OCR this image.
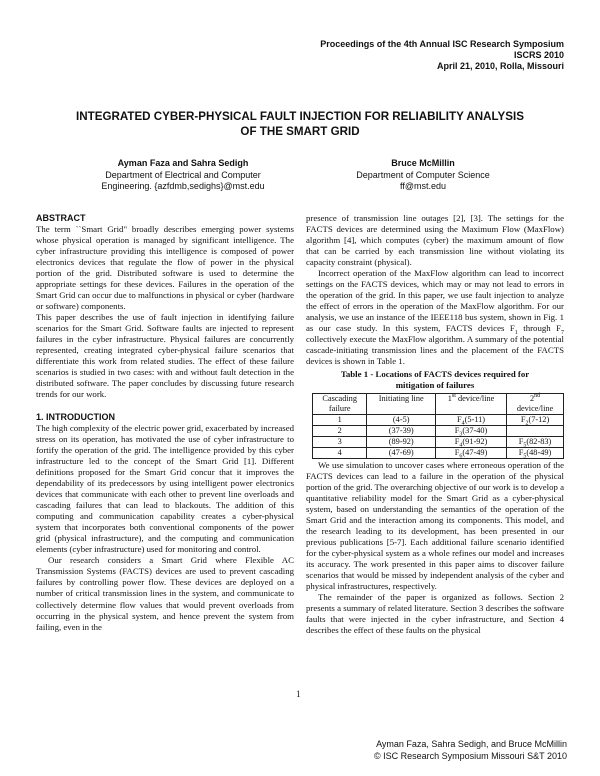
Proceedings of the 4th Annual ISC Research Symposium
ISCRS 2010
April 21, 2010, Rolla, Missouri
INTEGRATED CYBER-PHYSICAL FAULT INJECTION FOR RELIABILITY ANALYSIS
OF THE SMART GRID
Ayman Faza and Sahra Sedigh
Department of Electrical and Computer
Engineering. {azfdmb,sedighs}@mst.edu
Bruce McMillin
Department of Computer Science
ff@mst.edu

ABSTRACT

The term ``Smart Grid" broadly describes emerging power systems whose physical operation is managed by significant intelligence. The cyber infrastructure providing this intelligence is composed of power electronics devices that regulate the flow of power in the physical portion of the grid. Distributed software is used to determine the appropriate settings for these devices. Failures in the operation of the Smart Grid can occur due to malfunctions in physical or cyber (hardware or software) components.

This paper describes the use of fault injection in identifying failure scenarios for the Smart Grid. Software faults are injected to represent failures in the cyber infrastructure. Physical failures are concurrently represented, creating integrated cyber-physical failure scenarios that differentiate this work from related studies. The effect of these failure scenarios is studied in two cases: with and without fault detection in the distributed software. The paper concludes by discussing future research trends for our work.

1. INTRODUCTION

The high complexity of the electric power grid, exacerbated by increased stress on its operation, has motivated the use of cyber infrastructure to fortify the operation of the grid. The intelligence provided by this cyber infrastructure led to the concept of the Smart Grid [1]. Different definitions proposed for the Smart Grid concur that it improves the dependability of its predecessors by using intelligent power electronics devices that communicate with each other to prevent line overloads and cascading failures that can lead to blackouts. The addition of this computing and communication capability creates a cyber-physical system that incorporates both conventional components of the power grid (physical infrastructure), and the computing and communication elements (cyber infrastructure) used for monitoring and control.

Our research considers a Smart Grid where Flexible AC Transmission Systems (FACTS) devices are used to prevent cascading failures by controlling power flow. These devices are deployed on a number of critical transmission lines in the system, and communicate to collectively determine flow values that would prevent overloads from occurring in the physical system, and hence prevent the system from failing, even in the

presence of transmission line outages [2], [3]. The settings for the FACTS devices are determined using the Maximum Flow (MaxFlow) algorithm [4], which computes (cyber) the maximum amount of flow that can be carried by each transmission line without violating its capacity constraint (physical).

Incorrect operation of the MaxFlow algorithm can lead to incorrect settings on the FACTS devices, which may or may not lead to errors in the operation of the grid. In this paper, we use fault injection to analyze the effect of errors in the operation of the MaxFlow algorithm. For our analysis, we use an instance of the IEEE118 bus system, shown in Fig. 1 as our case study. In this system, FACTS devices $F_1$ through $F_7$ collectively execute the MaxFlow algorithm. A summary of the potential cascade-initiating transmission lines and the placement of the FACTS devices is shown in Table 1.

Table 1 - Locations of FACTS devices required for

mitigation of failures

Cascading
failure	Initiating line	1st device/line	2nd
device/line
1	(4-5)	$F_4(5-11)$	$F_2(7-12)$
2	(37-39)	$F_3(37-40)$	
3	(89-92)	$F_4(91-92)$	$F_5(82-83)$
4	(47-69)	$F_6(47-49)$	$F_5(48-49)$

We use simulation to uncover cases where erroneous operation of the FACTS devices can lead to a failure in the operation of the physical portion of the grid. The overarching objective of our work is to develop a quantitative reliability model for the Smart Grid as a cyber-physical system, based on understanding the semantics of the operation of the Smart Grid and the interaction among its components. This model, and the research leading to its development, has been presented in our previous publications [5-7]. Each additional failure scenario identified for the cyber-physical system as a whole refines our model and increases its accuracy. The work presented in this paper aims to discover failure scenarios that would be missed by independent analysis of the cyber and physical infrastructures, respectively.

The remainder of the paper is organized as follows. Section 2 presents a summary of related literature. Section 3 describes the software faults that were injected in the cyber infrastructure, and Section 4 describes the effect of these faults on the physical

1
Ayman Faza, Sahra Sedigh, and Bruce McMillin
© ISC Research Symposium Missouri S&T 2010
